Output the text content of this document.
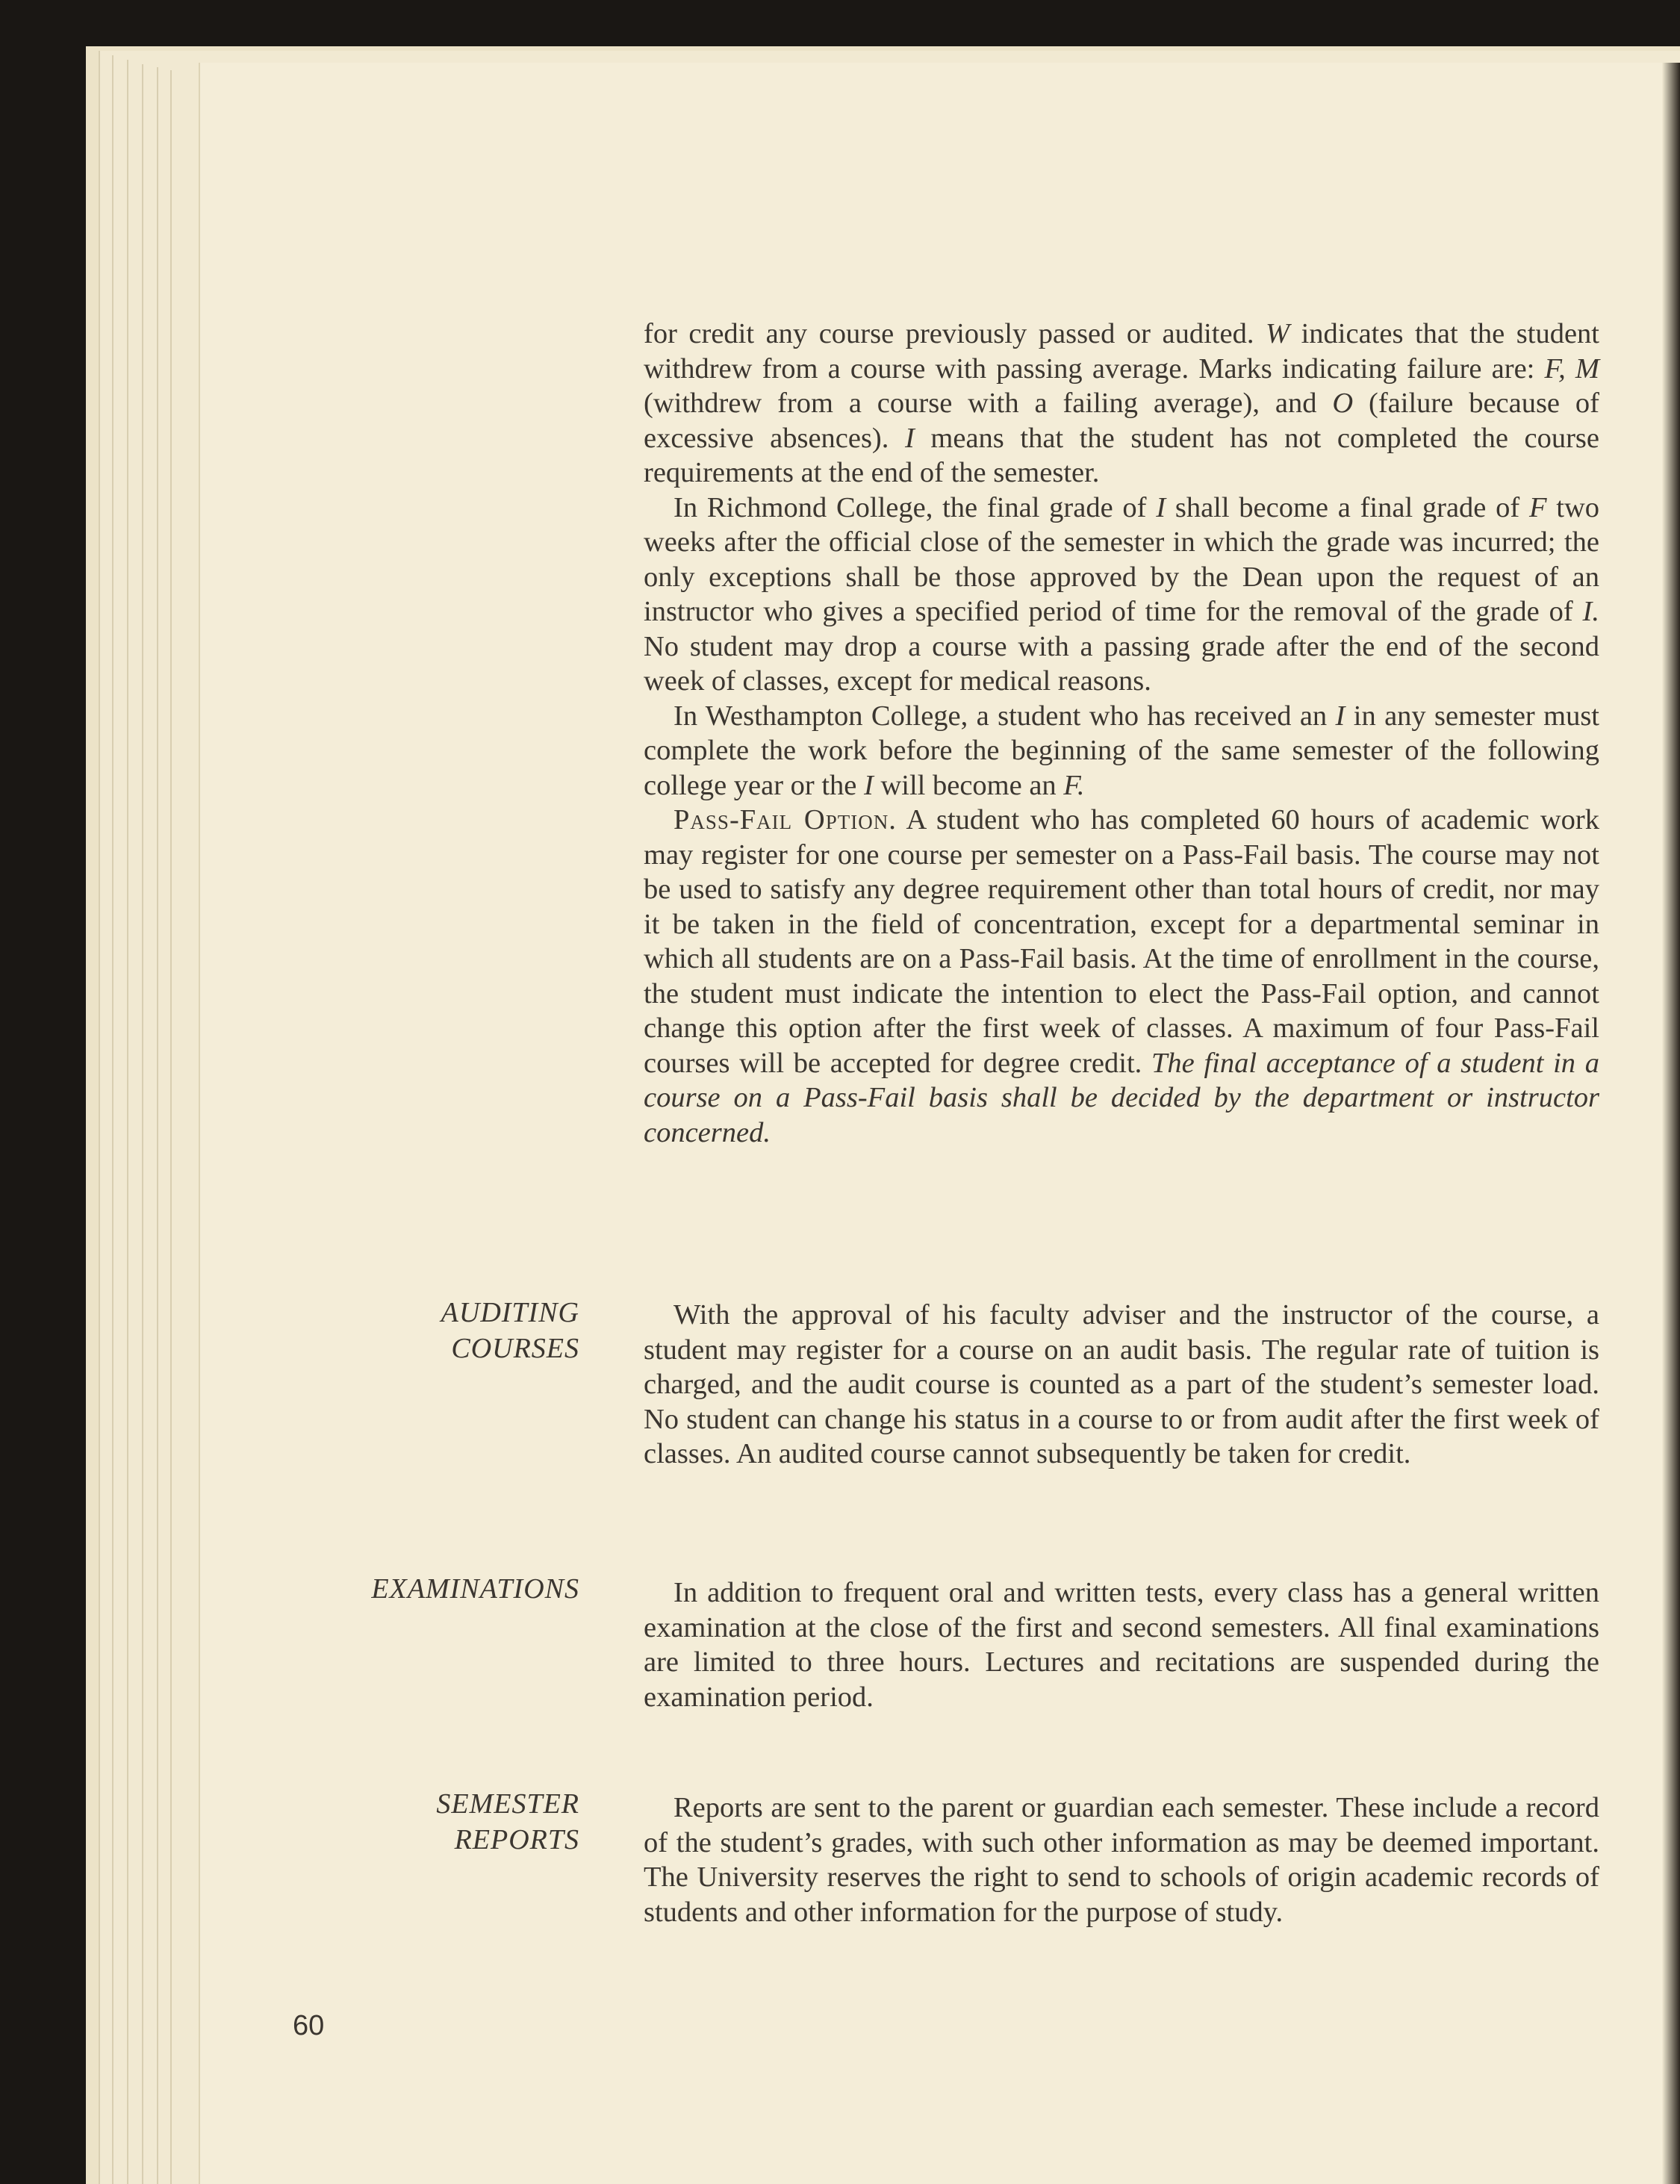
for credit any course previously passed or audited. W indicates that the student withdrew from a course with passing average. Marks indicating failure are: F, M (withdrew from a course with a failing average), and O (failure because of excessive absences). I means that the student has not completed the course requirements at the end of the semester.

In Richmond College, the final grade of I shall become a final grade of F two weeks after the official close of the semester in which the grade was incurred; the only exceptions shall be those approved by the Dean upon the request of an instructor who gives a specified period of time for the removal of the grade of I. No student may drop a course with a passing grade after the end of the second week of classes, except for medical reasons.

In Westhampton College, a student who has received an I in any semester must complete the work before the beginning of the same semester of the following college year or the I will become an F.

Pass-Fail Option. A student who has completed 60 hours of academic work may register for one course per semester on a Pass-Fail basis. The course may not be used to satisfy any degree requirement other than total hours of credit, nor may it be taken in the field of concentration, except for a departmental seminar in which all students are on a Pass-Fail basis. At the time of enrollment in the course, the student must indicate the intention to elect the Pass-Fail option, and cannot change this option after the first week of classes. A maximum of four Pass-Fail courses will be accepted for degree credit. The final acceptance of a student in a course on a Pass-Fail basis shall be decided by the department or instructor concerned.

AUDITING
COURSES

With the approval of his faculty adviser and the instructor of the course, a student may register for a course on an audit basis. The regular rate of tuition is charged, and the audit course is counted as a part of the student’s semester load. No student can change his status in a course to or from audit after the first week of classes. An audited course cannot subsequently be taken for credit.

EXAMINATIONS	In addition to frequent oral and written tests, every class has a general written examination at the close of the first and second semesters. All final examinations are limited to three hours. Lectures and recitations are suspended during the examination period.

SEMESTER
REPORTS

Reports are sent to the parent or guardian each semester. These include a record of the student’s grades, with such other information as may be deemed important. The University reserves the right to send to schools of origin academic records of students and other information for the purpose of study.

60
